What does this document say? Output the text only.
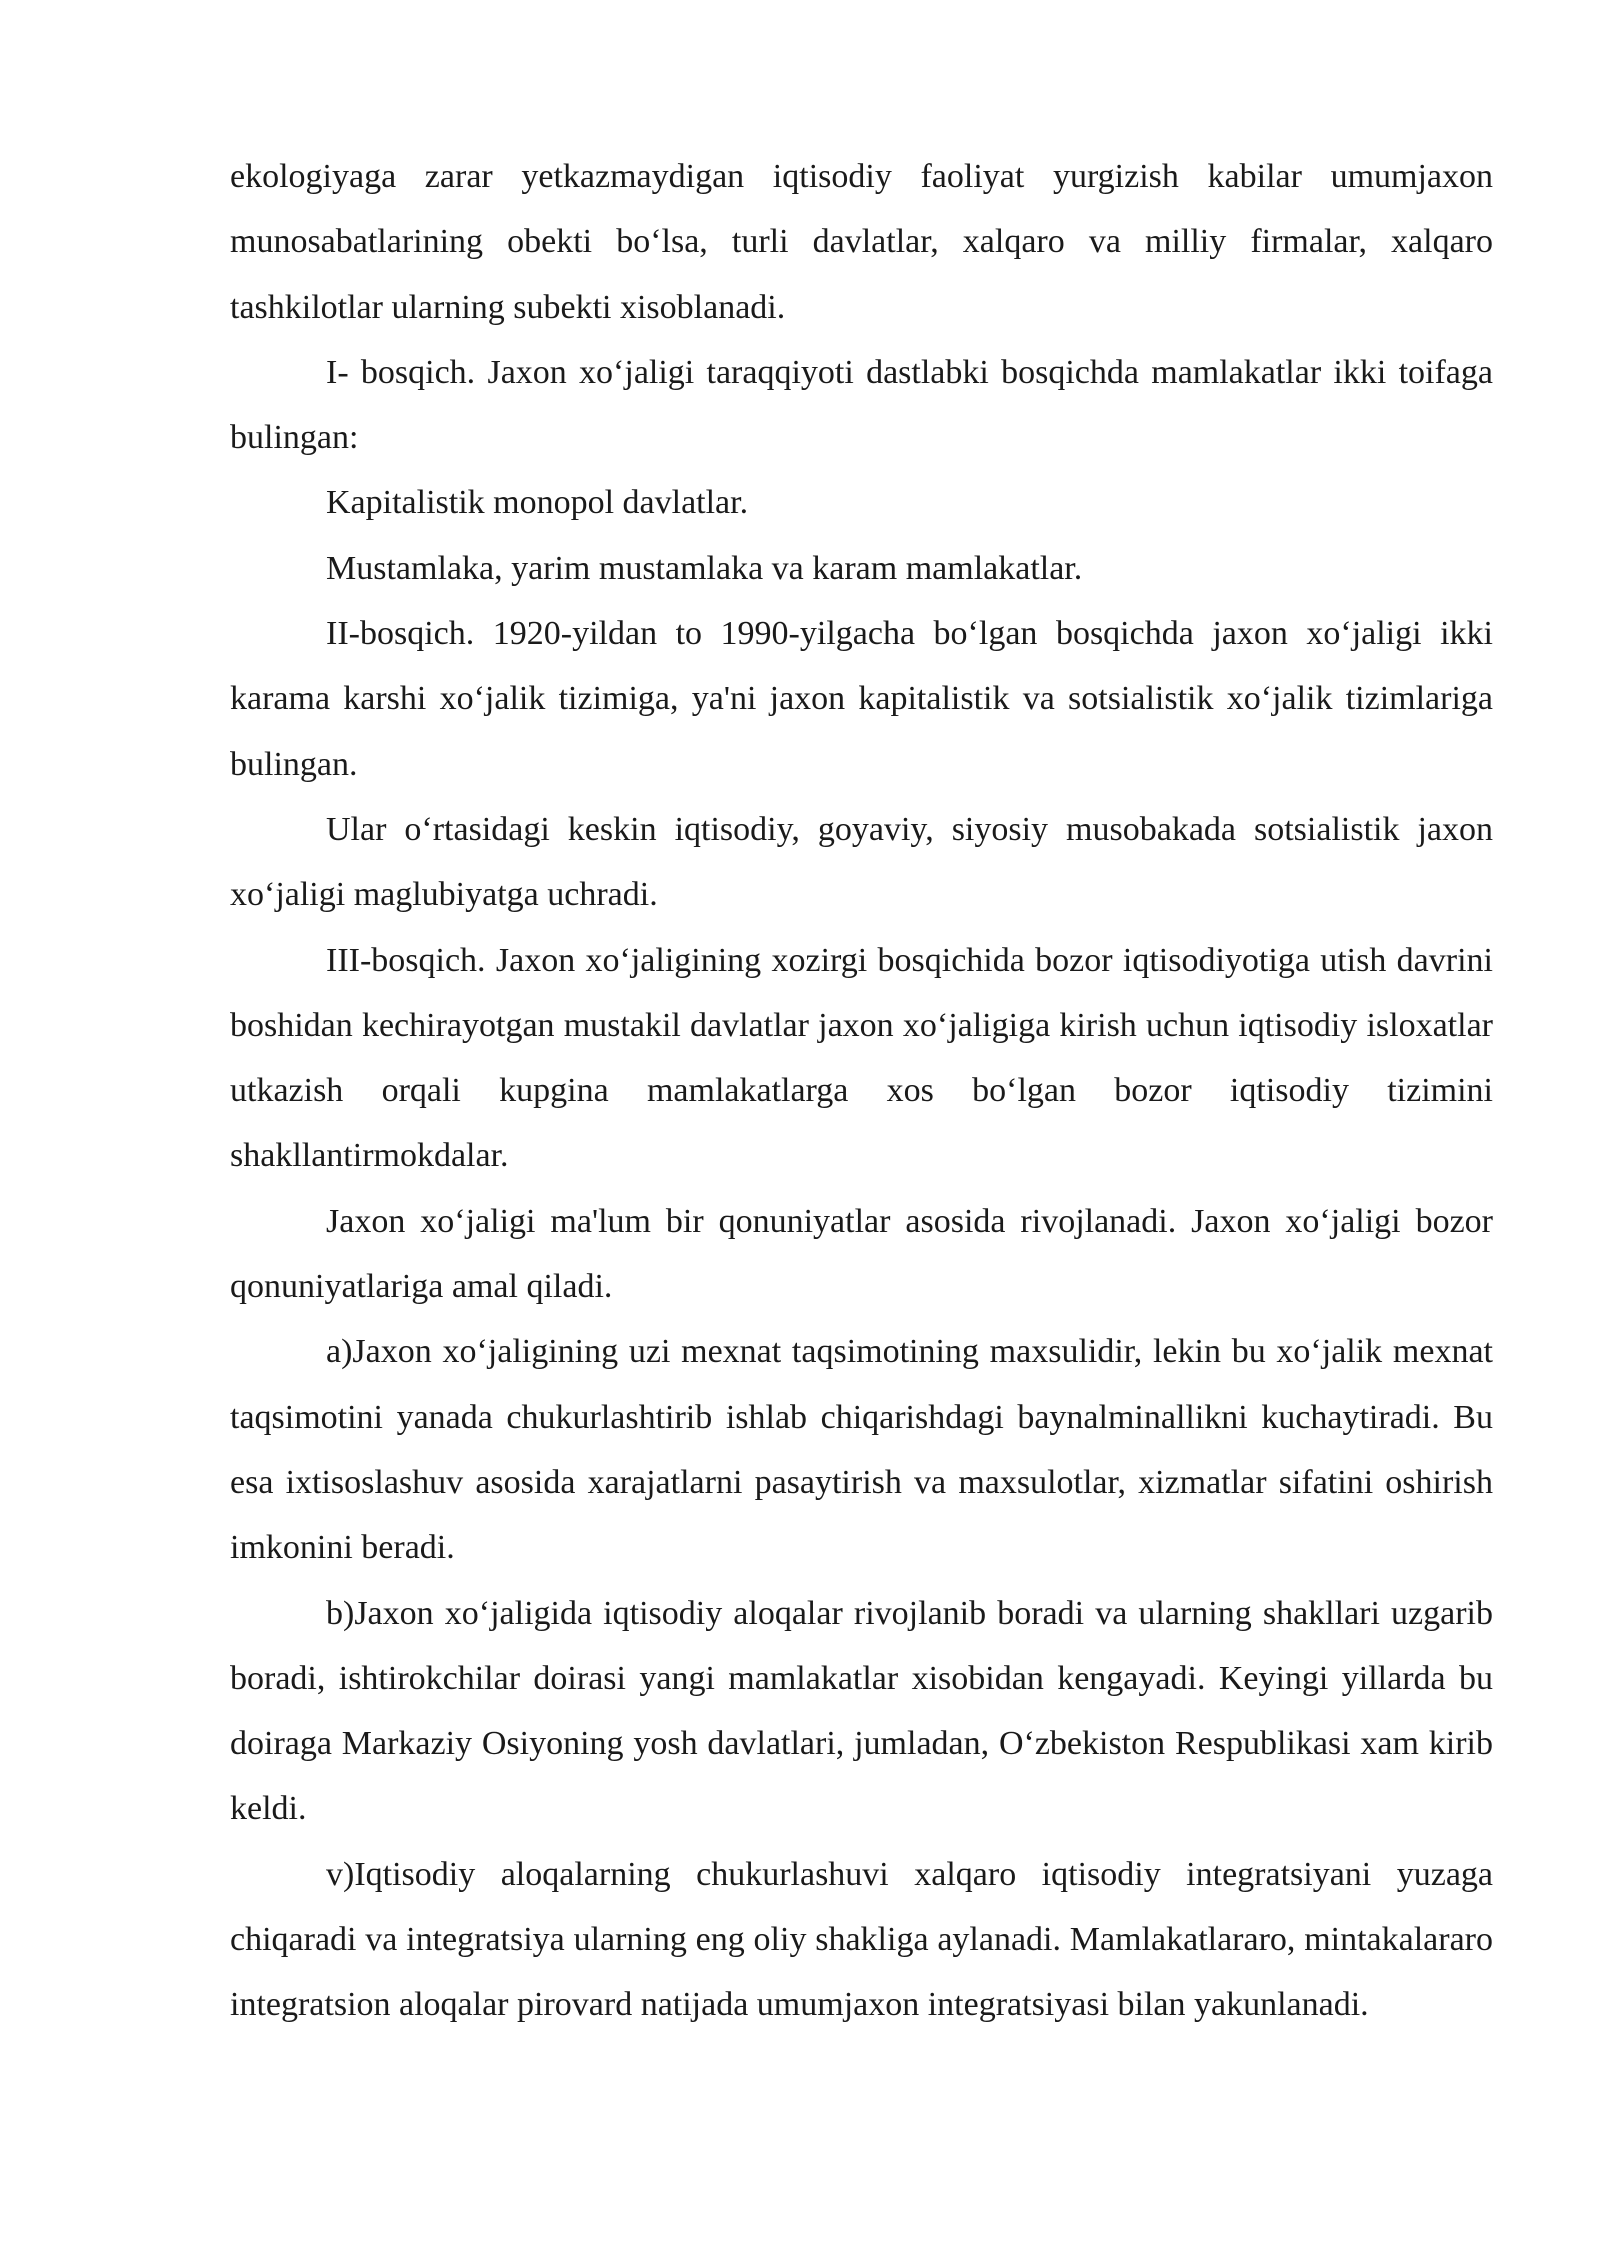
ekologiyaga zarar yetkazmaydigan iqtisodiy faoliyat yurgizish kabilar umumjaxon munosabatlarining obekti bo‘lsa, turli davlatlar, xalqaro va milliy firmalar, xalqaro tashkilotlar ularning subekti xisoblanadi.

I- bosqich. Jaxon xo‘jaligi taraqqiyoti dastlabki bosqichda mamlakatlar ikki toifaga bulingan:

Kapitalistik monopol davlatlar.

Mustamlaka, yarim mustamlaka va karam mamlakatlar.

II-bosqich. 1920-yildan to 1990-yilgacha bo‘lgan bosqichda jaxon xo‘jaligi ikki karama karshi xo‘jalik tizimiga, ya'ni jaxon kapitalistik va sotsialistik xo‘jalik tizimlariga bulingan.

Ular o‘rtasidagi keskin iqtisodiy, goyaviy, siyosiy musobakada sotsialistik jaxon xo‘jaligi maglubiyatga uchradi.

III-bosqich. Jaxon xo‘jaligining xozirgi bosqichida bozor iqtisodiyotiga utish davrini boshidan kechirayotgan mustakil davlatlar jaxon xo‘jaligiga kirish uchun iqtisodiy isloxatlar utkazish orqali kupgina mamlakatlarga xos bo‘lgan bozor iqtisodiy tizimini shakllantirmokdalar.

Jaxon xo‘jaligi ma'lum bir qonuniyatlar asosida rivojlanadi. Jaxon xo‘jaligi bozor qonuniyatlariga amal qiladi.

a)Jaxon xo‘jaligining uzi mexnat taqsimotining maxsulidir, lekin bu xo‘jalik mexnat taqsimotini yanada chukurlashtirib ishlab chiqarishdagi baynalminallikni kuchaytiradi. Bu esa ixtisoslashuv asosida xarajatlarni pasaytirish va maxsulotlar, xizmatlar sifatini oshirish imkonini beradi.

b)Jaxon xo‘jaligida iqtisodiy aloqalar rivojlanib boradi va ularning shakllari uzgarib boradi, ishtirokchilar doirasi yangi mamlakatlar xisobidan kengayadi. Keyingi yillarda bu doiraga Markaziy Osiyoning yosh davlatlari, jumladan, O‘zbekiston Respublikasi xam kirib keldi.

v)Iqtisodiy aloqalarning chukurlashuvi xalqaro iqtisodiy integratsiyani yuzaga chiqaradi va integratsiya ularning eng oliy shakliga aylanadi. Mamlakatlararo, mintakalararo integratsion aloqalar pirovard natijada umumjaxon integratsiyasi bilan yakunlanadi.
